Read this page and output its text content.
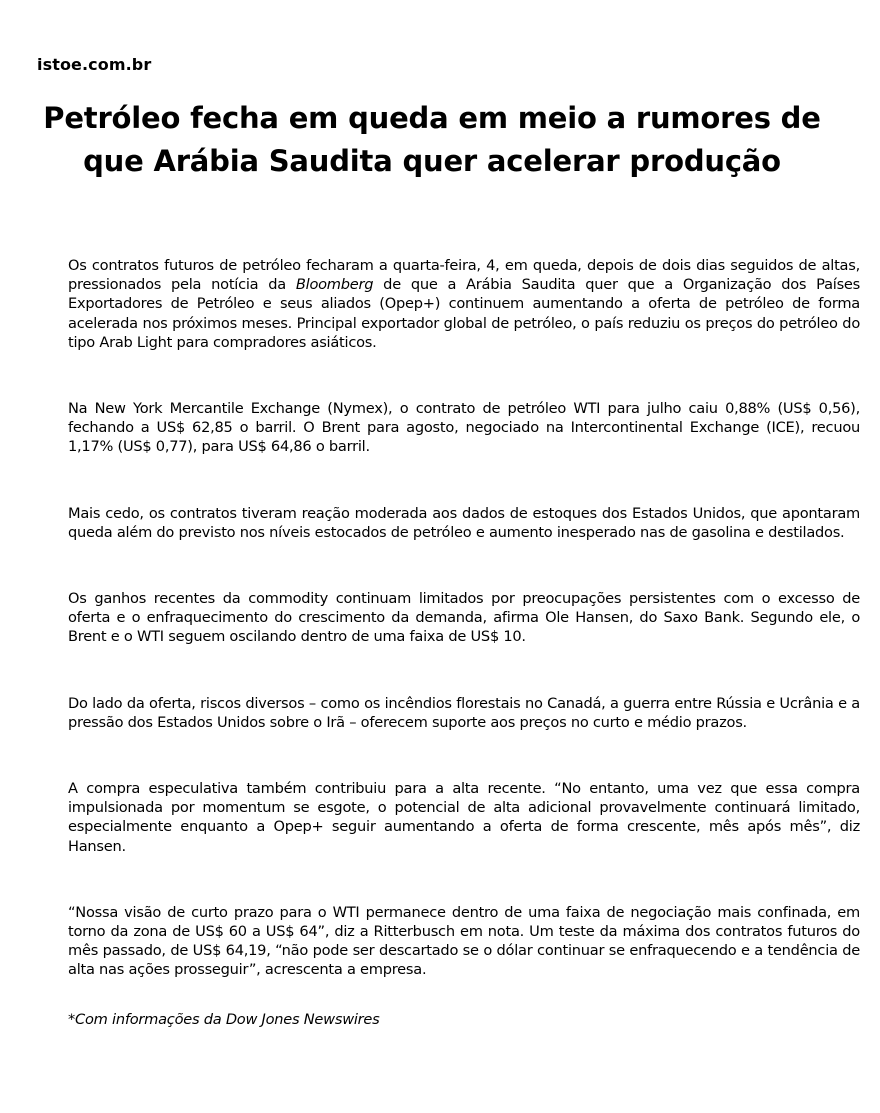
istoe.com.br
Petróleo fecha em queda em meio a rumores de que Arábia Saudita quer acelerar produção

Os contratos futuros de petróleo fecharam a quarta-feira, 4, em queda, depois de dois dias seguidos de altas, pressionados pela notícia da Bloomberg de que a Arábia Saudita quer que a Organização dos Países Exportadores de Petróleo e seus aliados (Opep+) continuem aumentando a oferta de petróleo de forma acelerada nos próximos meses. Principal exportador global de petróleo, o país reduziu os preços do petróleo do tipo Arab Light para compradores asiáticos.

Na New York Mercantile Exchange (Nymex), o contrato de petróleo WTI para julho caiu 0,88% (US$ 0,56), fechando a US$ 62,85 o barril. O Brent para agosto, negociado na Intercontinental Exchange (ICE), recuou 1,17% (US$ 0,77), para US$ 64,86 o barril.

Mais cedo, os contratos tiveram reação moderada aos dados de estoques dos Estados Unidos, que apontaram queda além do previsto nos níveis estocados de petróleo e aumento inesperado nas de gasolina e destilados.

Os ganhos recentes da commodity continuam limitados por preocupações persistentes com o excesso de oferta e o enfraquecimento do crescimento da demanda, afirma Ole Hansen, do Saxo Bank. Segundo ele, o Brent e o WTI seguem oscilando dentro de uma faixa de US$ 10.

Do lado da oferta, riscos diversos – como os incêndios florestais no Canadá, a guerra entre Rússia e Ucrânia e a pressão dos Estados Unidos sobre o Irã – oferecem suporte aos preços no curto e médio prazos.

A compra especulativa também contribuiu para a alta recente. “No entanto, uma vez que essa compra impulsionada por momentum se esgote, o potencial de alta adicional provavelmente continuará limitado, especialmente enquanto a Opep+ seguir aumentando a oferta de forma crescente, mês após mês”, diz Hansen.

“Nossa visão de curto prazo para o WTI permanece dentro de uma faixa de negociação mais confinada, em torno da zona de US$ 60 a US$ 64”, diz a Ritterbusch em nota. Um teste da máxima dos contratos futuros do mês passado, de US$ 64,19, “não pode ser descartado se o dólar continuar se enfraquecendo e a tendência de alta nas ações prosseguir”, acrescenta a empresa.

*Com informações da Dow Jones Newswires
